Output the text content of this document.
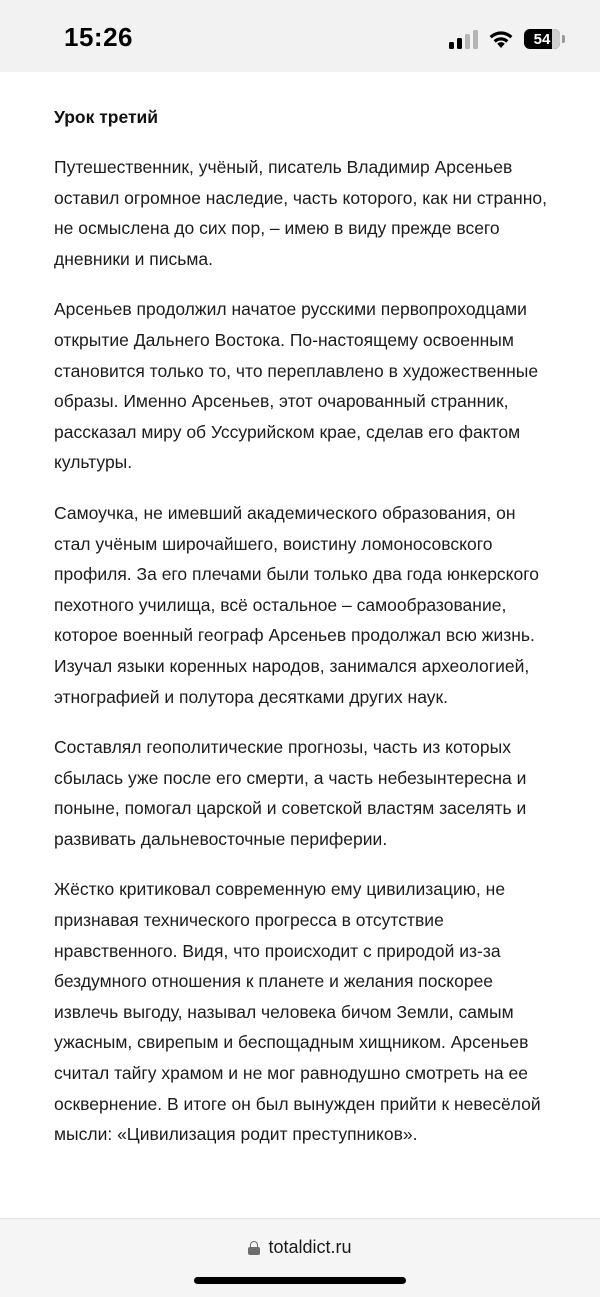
15:26	54
Урок третий

Путешественник, учёный, писатель Владимир Арсеньев оставил огромное наследие, часть которого, как ни странно, не осмыслена до сих пор, – имею в виду прежде всего дневники и письма.

Арсеньев продолжил начатое русскими первопроходцами открытие Дальнего Востока. По-настоящему освоенным становится только то, что переплавлено в художественные образы. Именно Арсеньев, этот очарованный странник, рассказал миру об Уссурийском крае, сделав его фактом культуры.

Самоучка, не имевший академического образования, он стал учёным широчайшего, воистину ломоносовского профиля. За его плечами были только два года юнкерского пехотного училища, всё остальное – самообразование, которое военный географ Арсеньев продолжал всю жизнь. Изучал языки коренных народов, занимался археологией, этнографией и полутора десятками других наук.

Составлял геополитические прогнозы, часть из которых сбылась уже после его смерти, а часть небезынтересна и поныне, помогал царской и советской властям заселять и развивать дальневосточные периферии.

Жёстко критиковал современную ему цивилизацию, не признавая технического прогресса в отсутствие нравственного. Видя, что происходит с природой из-за бездумного отношения к планете и желания поскорее извлечь выгоду, называл человека бичом Земли, самым ужасным, свирепым и беспощадным хищником. Арсеньев считал тайгу храмом и не мог равнодушно смотреть на ее осквернение. В итоге он был вынужден прийти к невесёлой мысли: «Цивилизация родит преступников».

totaldict.ru
